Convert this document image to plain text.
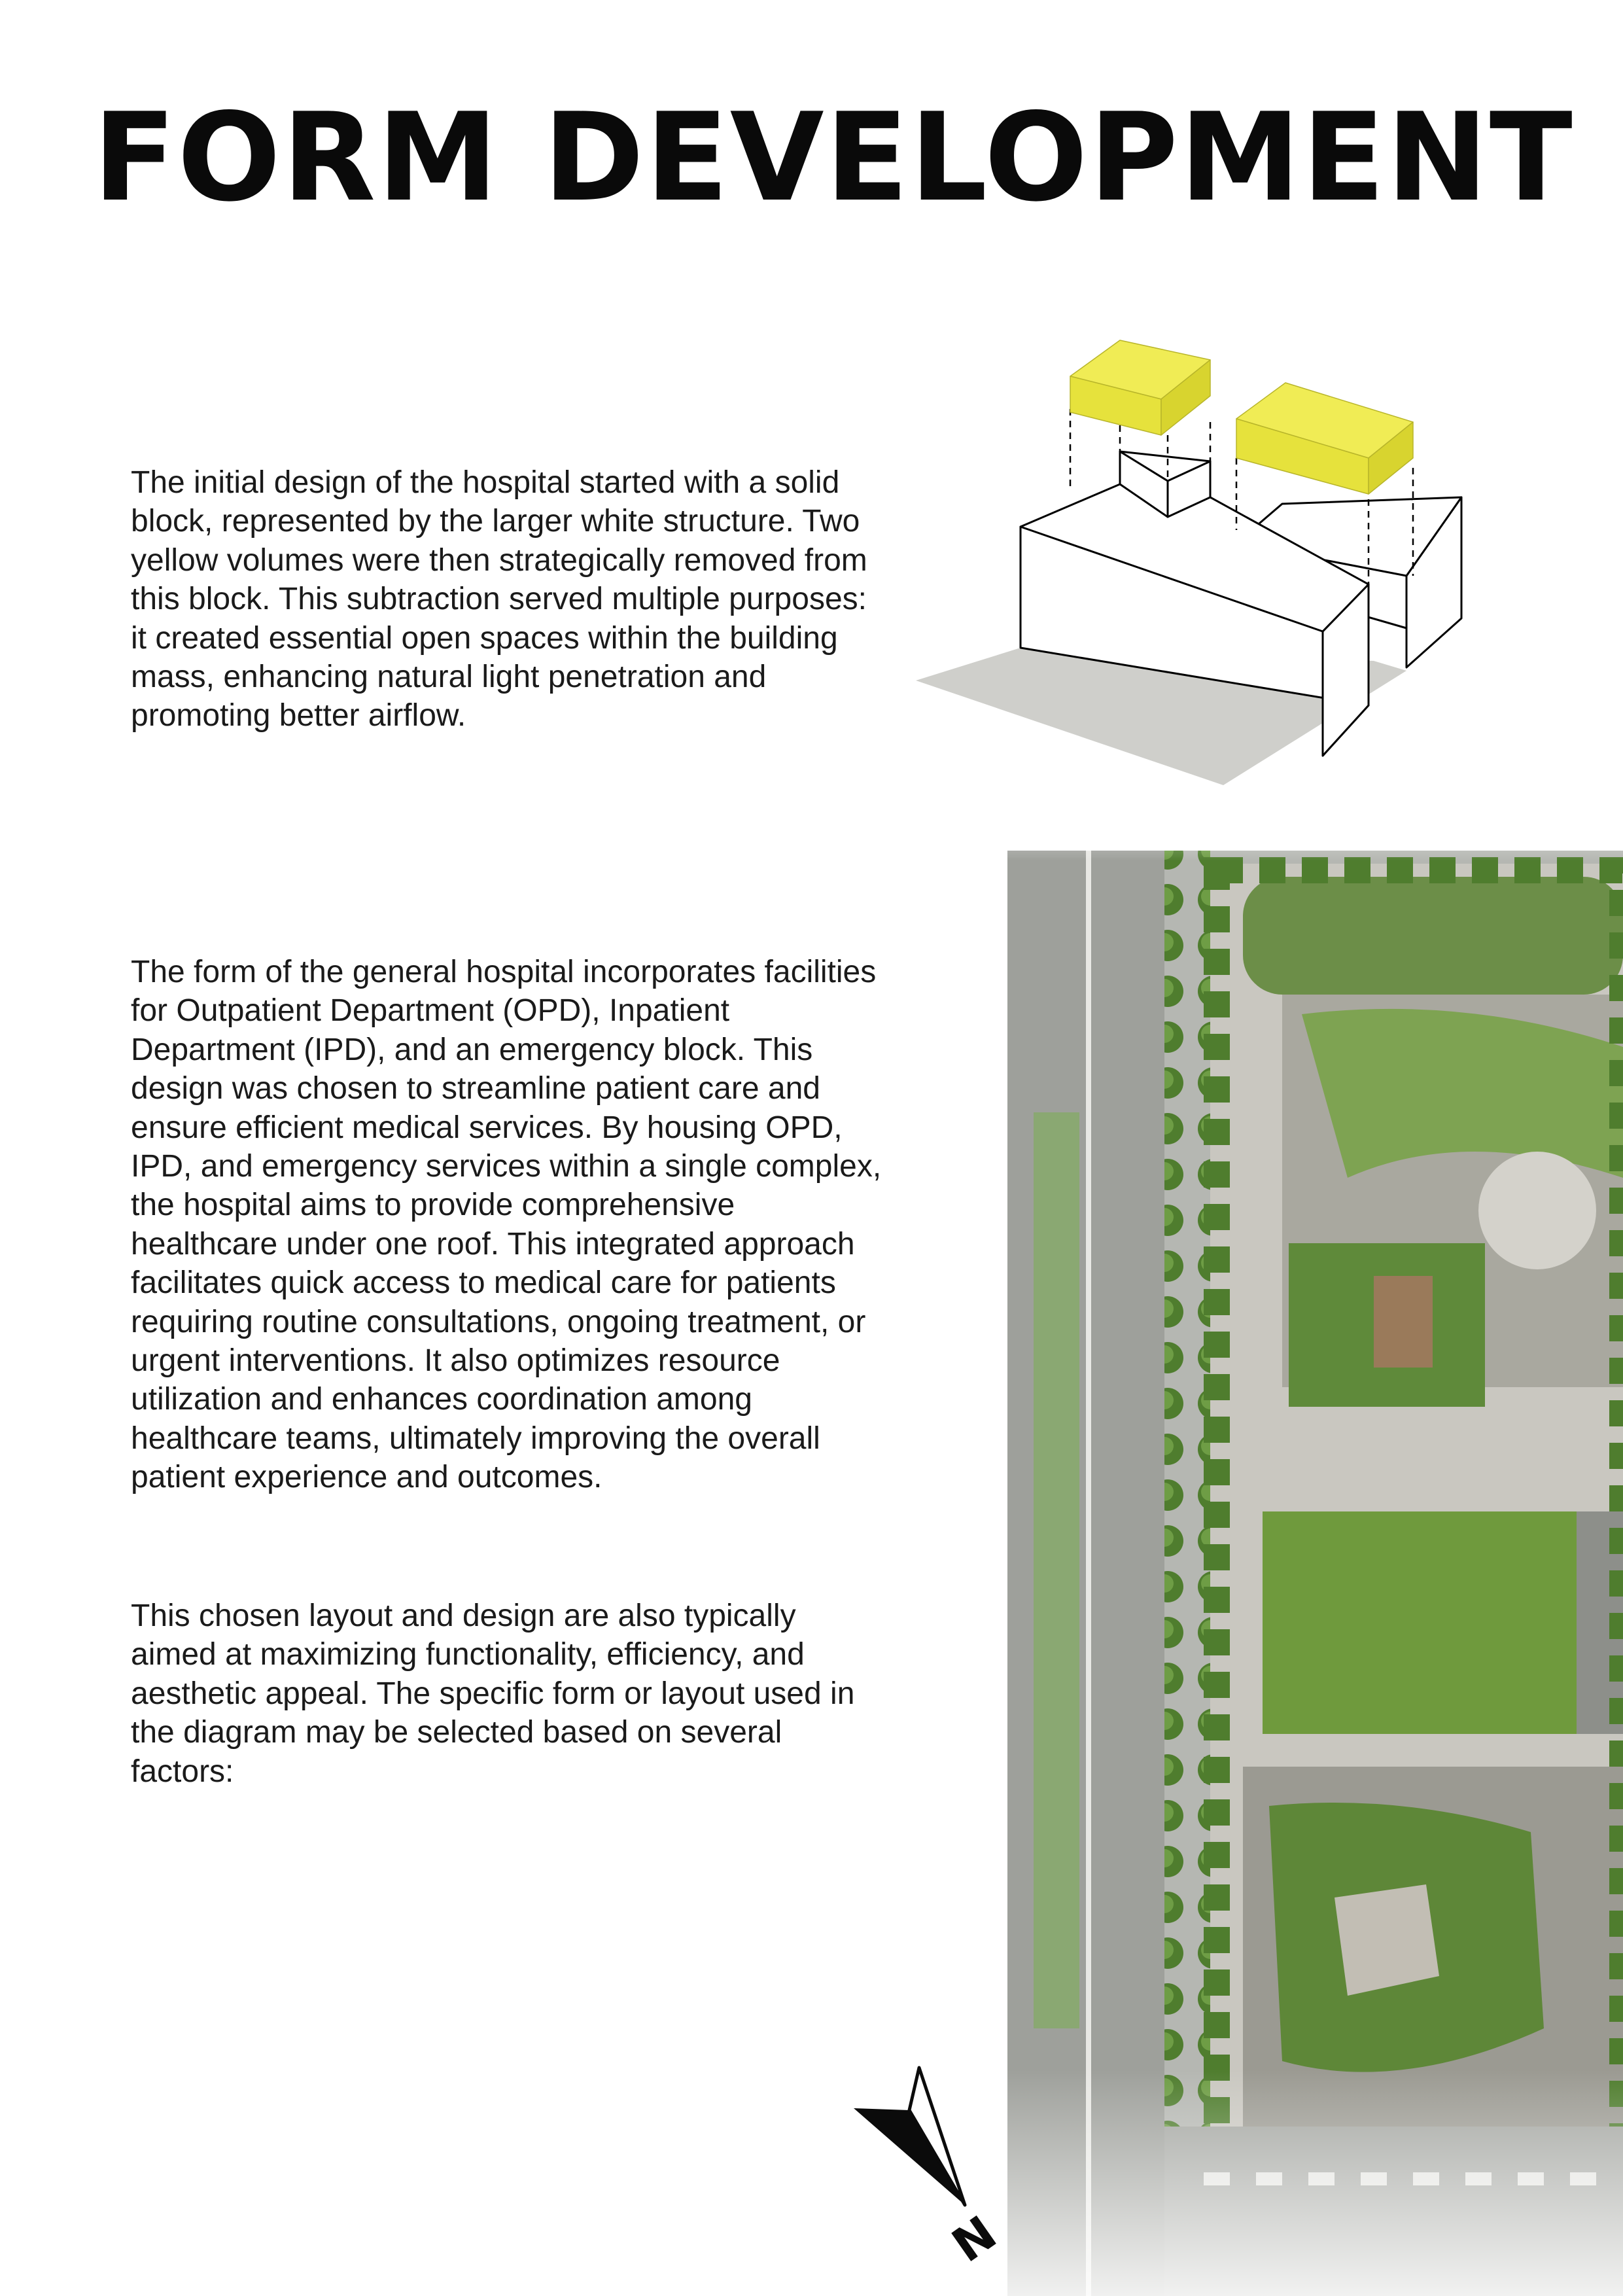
FORM DEVELOPMENT
The initial design of the hospital started with a solid
block, represented by the larger white structure. Two
yellow volumes were then strategically removed from
this block. This subtraction served multiple purposes:
it created essential open spaces within the building
mass, enhancing natural light penetration and
promoting better airflow.
The form of the general hospital incorporates facilities
for Outpatient Department (OPD), Inpatient
Department (IPD), and an emergency block. This
design was chosen to streamline patient care and
ensure efficient medical services. By housing OPD,
IPD, and emergency services within a single complex,
the hospital aims to provide comprehensive
healthcare under one roof. This integrated approach
facilitates quick access to medical care for patients
requiring routine consultations, ongoing treatment, or
urgent interventions. It also optimizes resource
utilization and enhances coordination among
healthcare teams, ultimately improving the overall
patient experience and outcomes.
This chosen layout and design are also typically
aimed at maximizing functionality, efficiency, and
aesthetic appeal. The specific form or layout used in
the diagram may be selected based on several
factors:
N
